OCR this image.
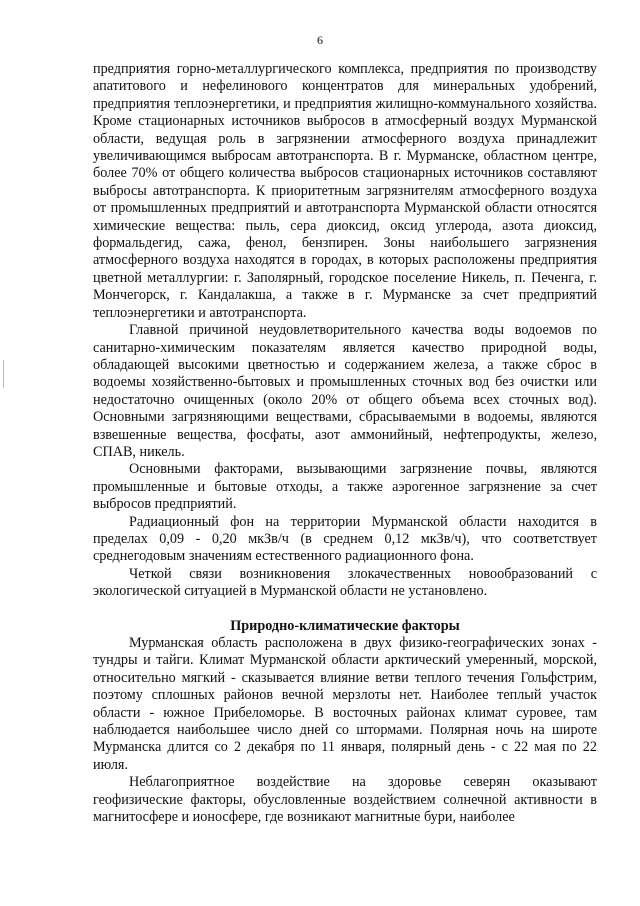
6

предприятия горно-металлургического комплекса, предприятия по производству апатитового и нефелинового концентратов для минеральных удобрений, предприятия теплоэнергетики, и предприятия жилищно-коммунального хозяйства. Кроме стационарных источников выбросов в атмосферный воздух Мурманской области, ведущая роль в загрязнении атмосферного воздуха принадлежит увеличивающимся выбросам автотранспорта. В г. Мурманске, областном центре, более 70% от общего количества выбросов стационарных источников составляют выбросы автотранспорта. К приоритетным загрязнителям атмосферного воздуха от промышленных предприятий и автотранспорта Мурманской области относятся химические вещества: пыль, сера диоксид, оксид углерода, азота диоксид, формальдегид, сажа, фенол, бензпирен. Зоны наибольшего загрязнения атмосферного воздуха находятся в городах, в которых расположены предприятия цветной металлургии: г. Заполярный, городское поселение Никель, п. Печенга, г. Мончегорск, г. Кандалакша, а также в г. Мурманске за счет предприятий теплоэнергетики и автотранспорта.

Главной причиной неудовлетворительного качества воды водоемов по санитарно-химическим показателям является качество природной воды, обладающей высокими цветностью и содержанием железа, а также сброс в водоемы хозяйственно-бытовых и промышленных сточных вод без очистки или недостаточно очищенных (около 20% от общего объема всех сточных вод). Основными загрязняющими веществами, сбрасываемыми в водоемы, являются взвешенные вещества, фосфаты, азот аммонийный, нефтепродукты, железо, СПАВ, никель.

Основными факторами, вызывающими загрязнение почвы, являются промышленные и бытовые отходы, а также аэрогенное загрязнение за счет выбросов предприятий.

Радиационный фон на территории Мурманской области находится в пределах 0,09 - 0,20 мкЗв/ч (в среднем 0,12 мкЗв/ч), что соответствует среднегодовым значениям естественного радиационного фона.

Четкой связи возникновения злокачественных новообразований с экологической ситуацией в Мурманской области не установлено.

Природно-климатические факторы

Мурманская область расположена в двух физико-географических зонах - тундры и тайги. Климат Мурманской области арктический умеренный, морской, относительно мягкий - сказывается влияние ветви теплого течения Гольфстрим, поэтому сплошных районов вечной мерзлоты нет. Наиболее теплый участок области - южное Прибеломорье. В восточных районах климат суровее, там наблюдается наибольшее число дней со штормами. Полярная ночь на широте Мурманска длится со 2 декабря по 11 января, полярный день - с 22 мая по 22 июля.

Неблагоприятное воздействие на здоровье северян оказывают геофизические факторы, обусловленные воздействием солнечной активности в магнитосфере и ионосфере, где возникают магнитные бури, наиболее
